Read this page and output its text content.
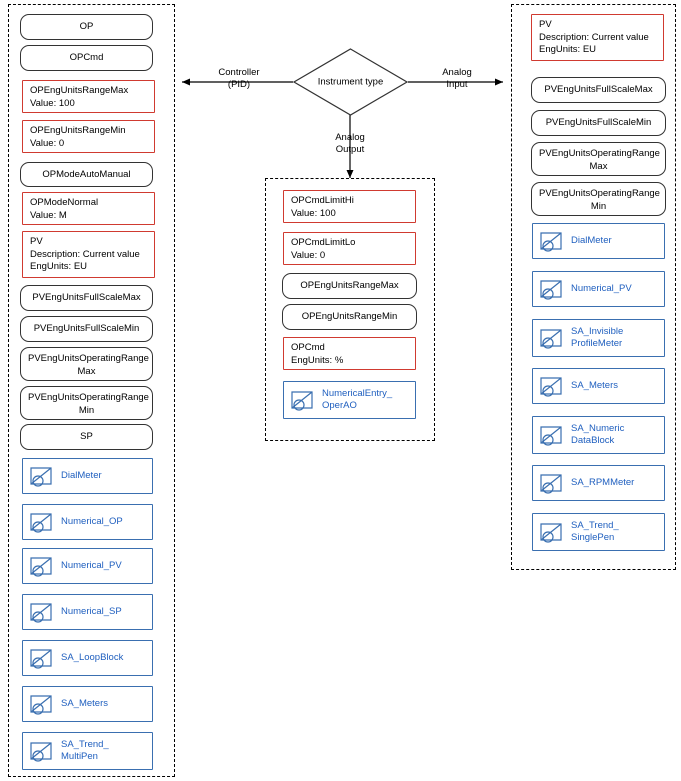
Instrument type
Controller
(PID)
Analog
Input
Analog
Output
OP
OPCmd
OPEngUnitsRangeMax
Value: 100
OPEngUnitsRangeMin
Value: 0
OPModeAutoManual
OPModeNormal
Value: M
PV
Description: Current value
EngUnits: EU
PVEngUnitsFullScaleMax
PVEngUnitsFullScaleMin
PVEngUnitsOperatingRange
Max
PVEngUnitsOperatingRange
Min
SP
DialMeter
Numerical_OP
Numerical_PV
Numerical_SP
SA_LoopBlock
SA_Meters
SA_Trend_
MultiPen
OPCmdLimitHi
Value: 100
OPCmdLimitLo
Value: 0
OPEngUnitsRangeMax
OPEngUnitsRangeMin
OPCmd
EngUnits: %
NumericalEntry_
OperAO
PV
Description: Current value
EngUnits: EU
PVEngUnitsFullScaleMax
PVEngUnitsFullScaleMin
PVEngUnitsOperatingRange
Max
PVEngUnitsOperatingRange
Min
DialMeter
Numerical_PV
SA_Invisible
ProfileMeter
SA_Meters
SA_Numeric
DataBlock
SA_RPMMeter
SA_Trend_
SinglePen
